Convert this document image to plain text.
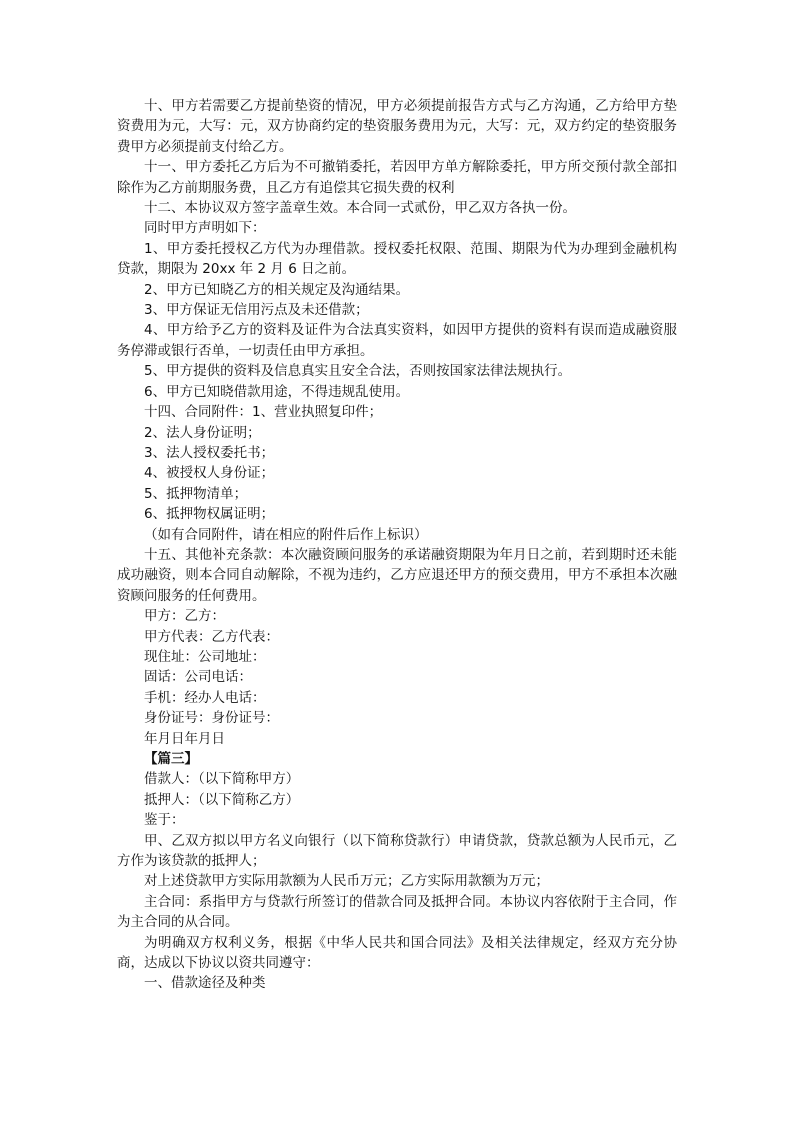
十、甲方若需要乙方提前垫资的情况，甲方必须提前报告方式与乙方沟通，乙方给甲方垫资费用为元，大写：元，双方协商约定的垫资服务费用为元，大写：元，双方约定的垫资服务费甲方必须提前支付给乙方。

十一、甲方委托乙方后为不可撤销委托，若因甲方单方解除委托，甲方所交预付款全部扣除作为乙方前期服务费，且乙方有追偿其它损失费的权利

十二、本协议双方签字盖章生效。本合同一式贰份，甲乙双方各执一份。

同时甲方声明如下：

1、甲方委托授权乙方代为办理借款。授权委托权限、范围、期限为代为办理到金融机构贷款，期限为 20xx 年 2 月 6 日之前。

2、甲方已知晓乙方的相关规定及沟通结果。

3、甲方保证无信用污点及未还借款；

4、甲方给予乙方的资料及证件为合法真实资料，如因甲方提供的资料有误而造成融资服务停滞或银行否单，一切责任由甲方承担。

5、甲方提供的资料及信息真实且安全合法，否则按国家法律法规执行。

6、甲方已知晓借款用途，不得违规乱使用。

十四、合同附件：1、营业执照复印件；

2、法人身份证明；

3、法人授权委托书；

4、被授权人身份证；

5、抵押物清单；

6、抵押物权属证明；

（如有合同附件，请在相应的附件后作上标识）

十五、其他补充条款：本次融资顾问服务的承诺融资期限为年月日之前，若到期时还未能成功融资，则本合同自动解除，不视为违约，乙方应退还甲方的预交费用，甲方不承担本次融资顾问服务的任何费用。

甲方：乙方：

甲方代表：乙方代表：

现住址：公司地址：

固话：公司电话：

手机：经办人电话：

身份证号：身份证号：

年月日年月日

【篇三】

借款人：（以下简称甲方）

抵押人：（以下简称乙方）

鉴于：

甲、乙双方拟以甲方名义向银行（以下简称贷款行）申请贷款，贷款总额为人民币元，乙方作为该贷款的抵押人；

对上述贷款甲方实际用款额为人民币万元；乙方实际用款额为万元；

主合同：系指甲方与贷款行所签订的借款合同及抵押合同。本协议内容依附于主合同，作为主合同的从合同。

为明确双方权利义务，根据《中华人民共和国合同法》及相关法律规定，经双方充分协商，达成以下协议以资共同遵守：

一、借款途径及种类
